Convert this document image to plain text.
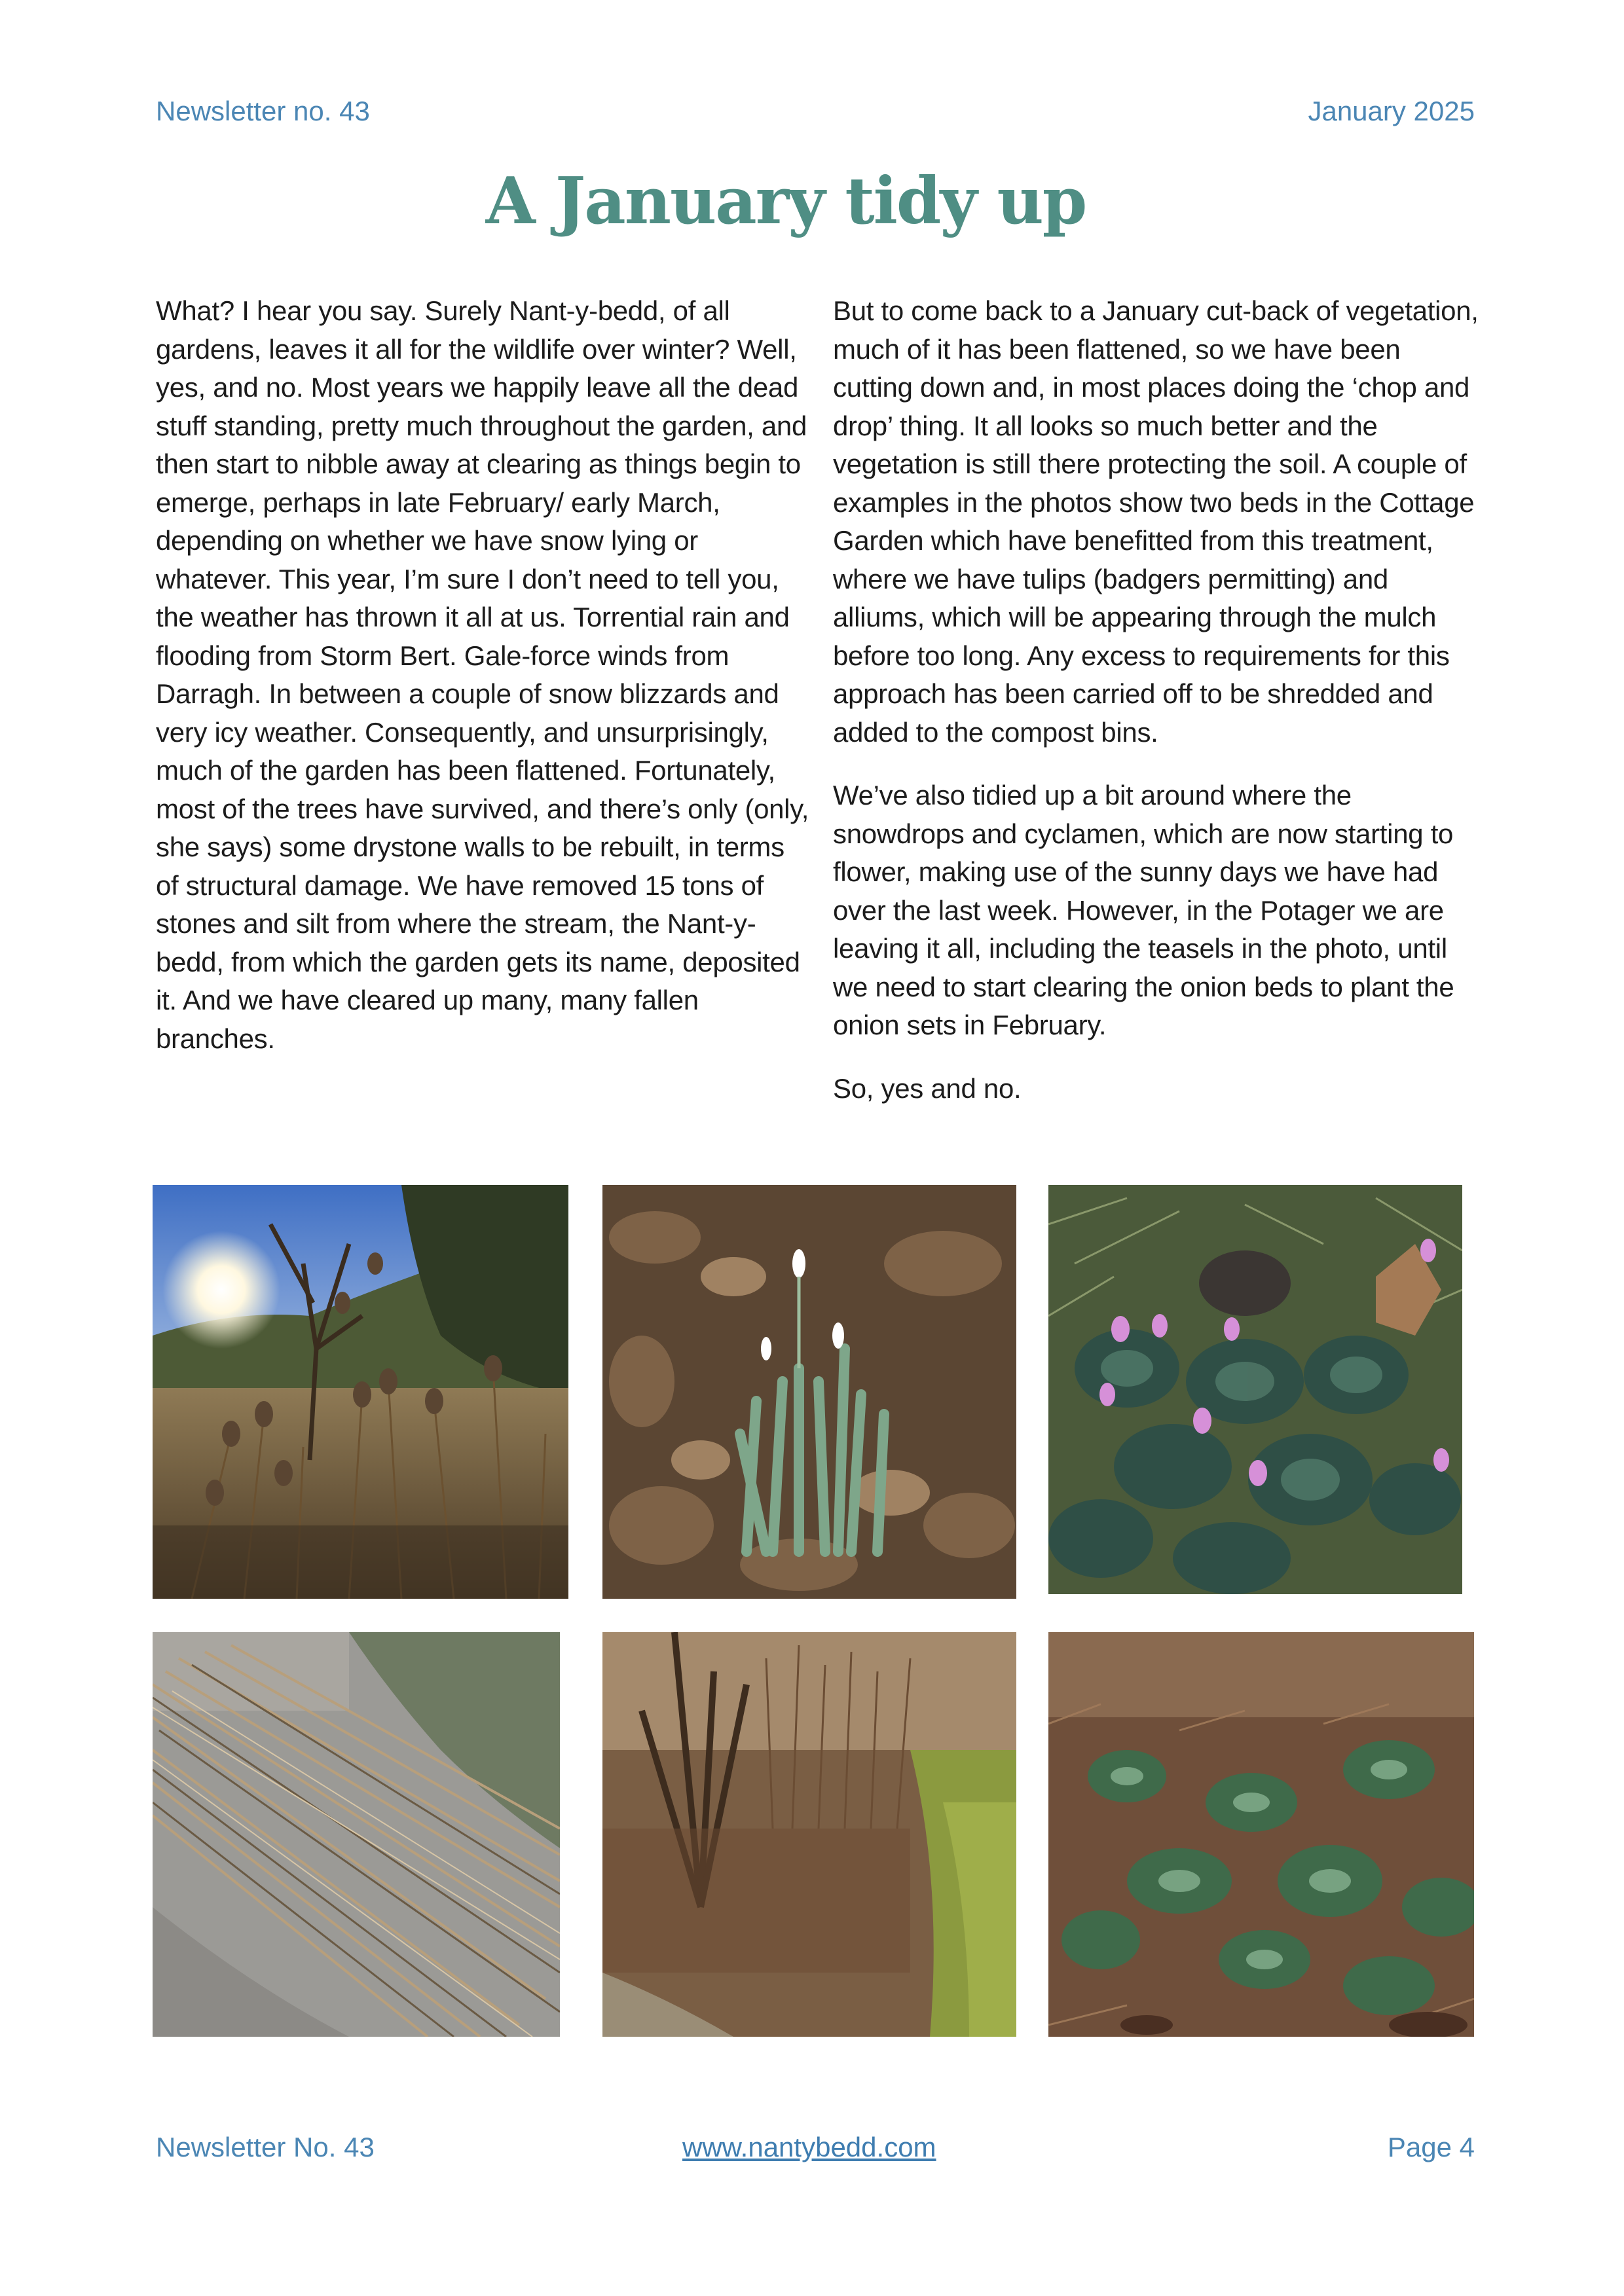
Newsletter no. 43	January 2025
A January tidy up

What? I hear you say. Surely Nant-y-bedd, of all gardens, leaves it all for the wildlife over winter? Well, yes, and no. Most years we happily leave all the dead stuff standing, pretty much throughout the garden, and then start to nibble away at clearing as things begin to emerge, perhaps in late February/ early March, depending on whether we have snow lying or whatever. This year, I’m sure I don’t need to tell you, the weather has thrown it all at us. Torrential rain and flooding from Storm Bert. Gale-force winds from Darragh. In between a couple of snow blizzards and very icy weather. Consequently, and unsurprisingly, much of the garden has been flattened. Fortunately, most of the trees have survived, and there’s only (only, she says) some drystone walls to be rebuilt, in terms of structural damage. We have removed 15 tons of stones and silt from where the stream, the Nant-y-bedd, from which the garden gets its name, deposited it. And we have cleared up many, many fallen branches.

But to come back to a January cut-back of vegetation, much of it has been flattened, so we have been cutting down and, in most places doing the ‘chop and drop’ thing. It all looks so much better and the vegetation is still there protecting the soil. A couple of examples in the photos show two beds in the Cottage Garden which have benefitted from this treatment, where we have tulips (badgers permitting) and alliums, which will be appearing through the mulch before too long. Any excess to requirements for this approach has been carried off to be shredded and added to the compost bins.

We’ve also tidied up a bit around where the snowdrops and cyclamen, which are now starting to flower, making use of the sunny days we have had over the last week. However, in the Potager we are leaving it all, including the teasels in the photo, until we need to start clearing the onion beds to plant the onion sets in February.

So, yes and no.

Newsletter No. 43	www.nantybedd.com	Page 4
